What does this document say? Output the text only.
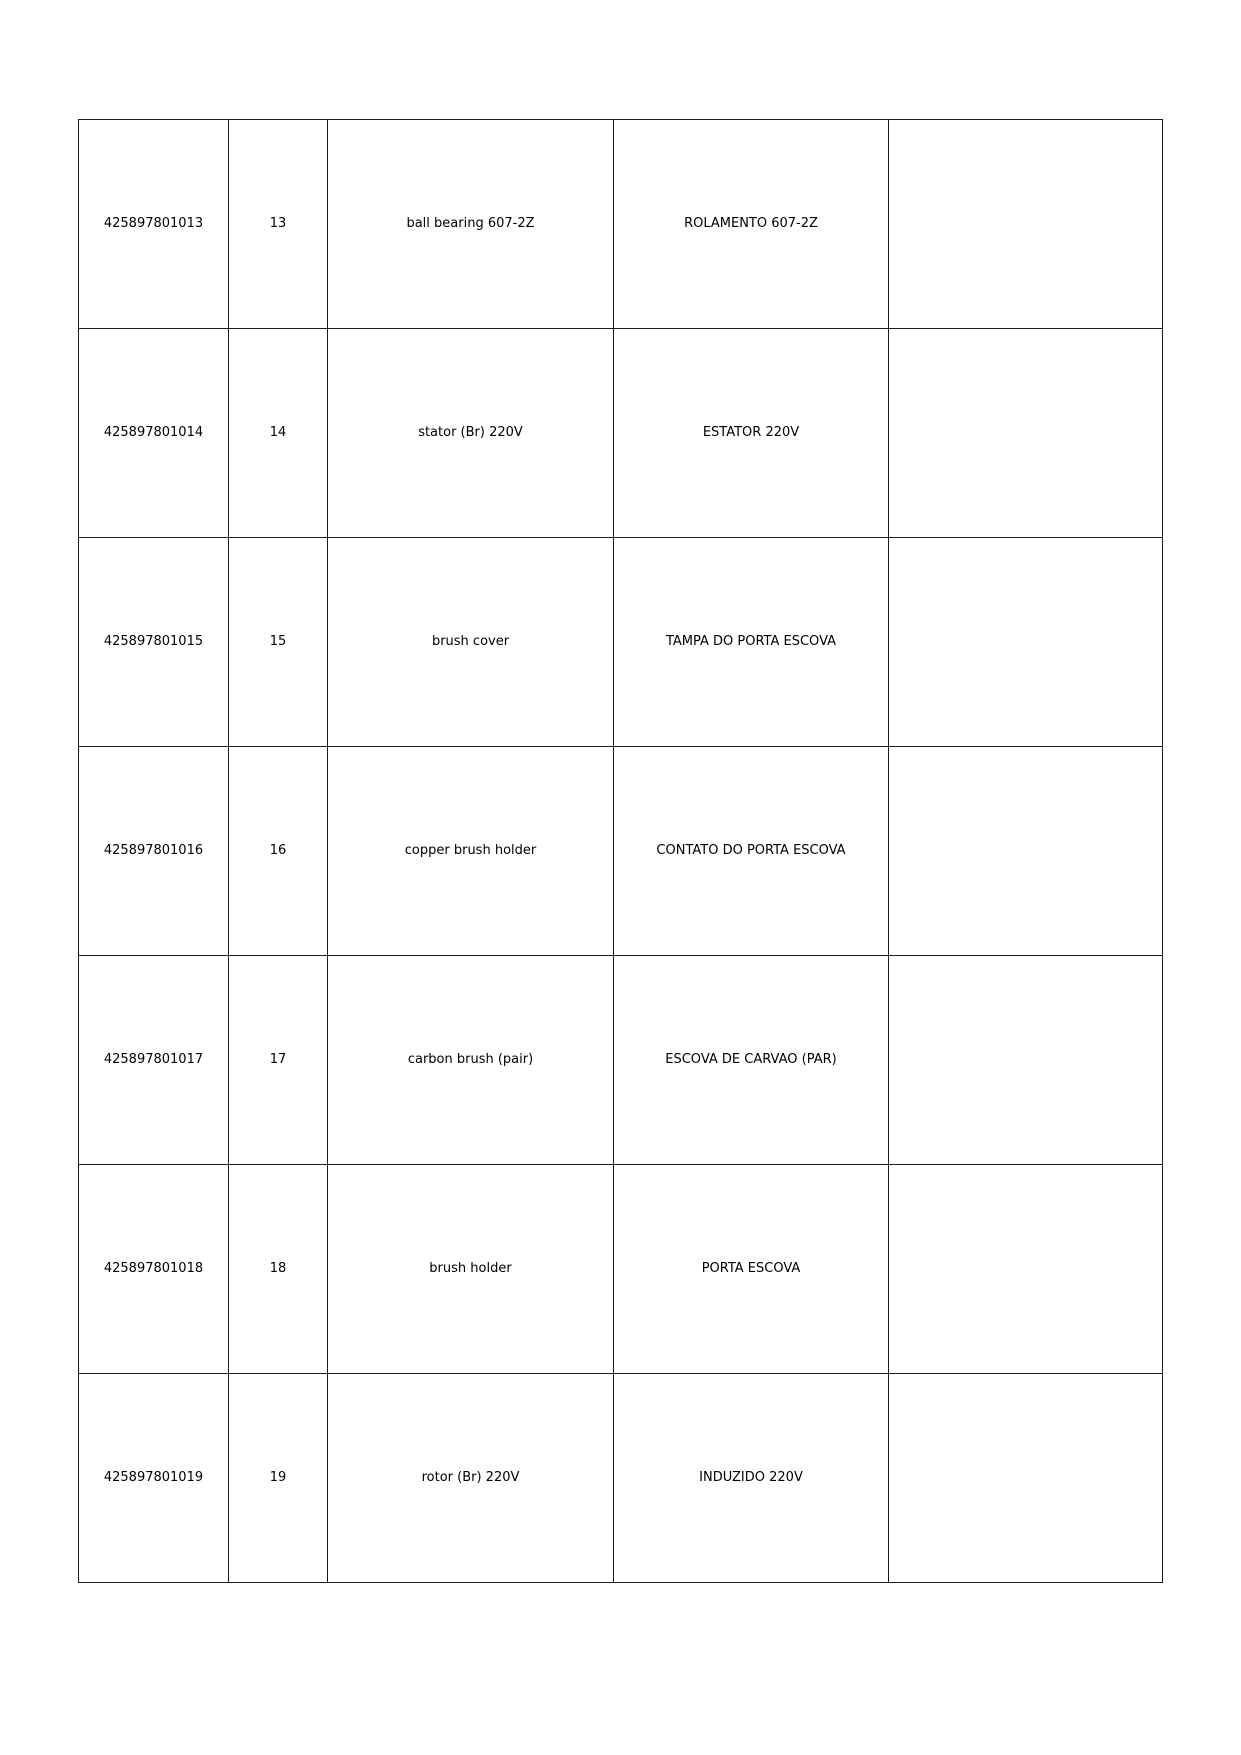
425897801013	13	ball bearing 607-2Z	ROLAMENTO 607-2Z	
425897801014	14	stator (Br) 220V	ESTATOR 220V	
425897801015	15	brush cover	TAMPA DO PORTA ESCOVA	
425897801016	16	copper brush holder	CONTATO DO PORTA ESCOVA	
425897801017	17	carbon brush (pair)	ESCOVA DE CARVAO (PAR)	
425897801018	18	brush holder	PORTA ESCOVA	
425897801019	19	rotor (Br) 220V	INDUZIDO 220V	
